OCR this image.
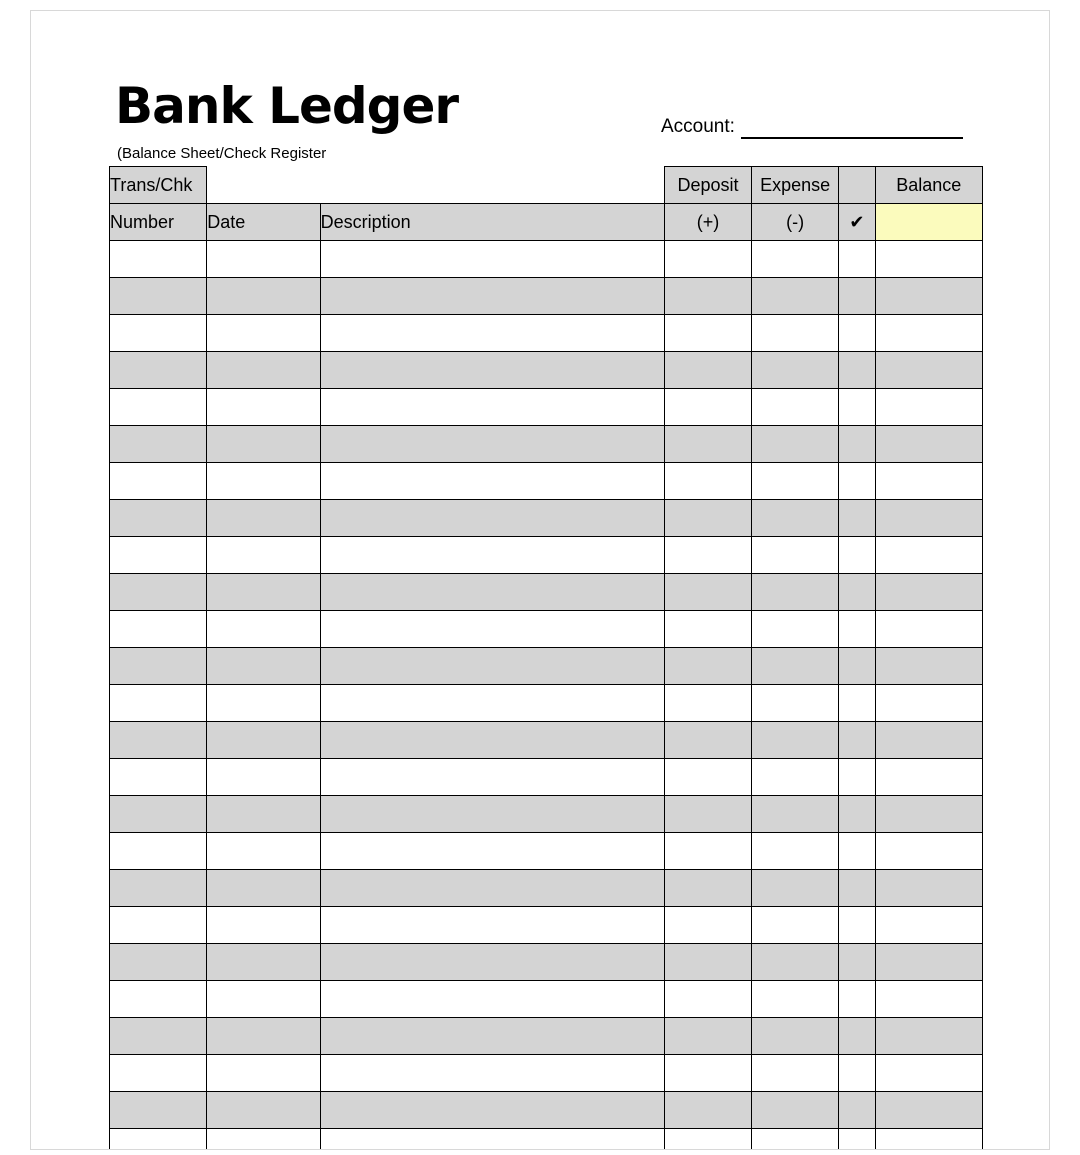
Bank Ledger
(Balance Sheet/Check Register
Account:
Trans/Chk			Deposit	Expense		Balance
Number	Date	Description	(+)	(-)	✔	
